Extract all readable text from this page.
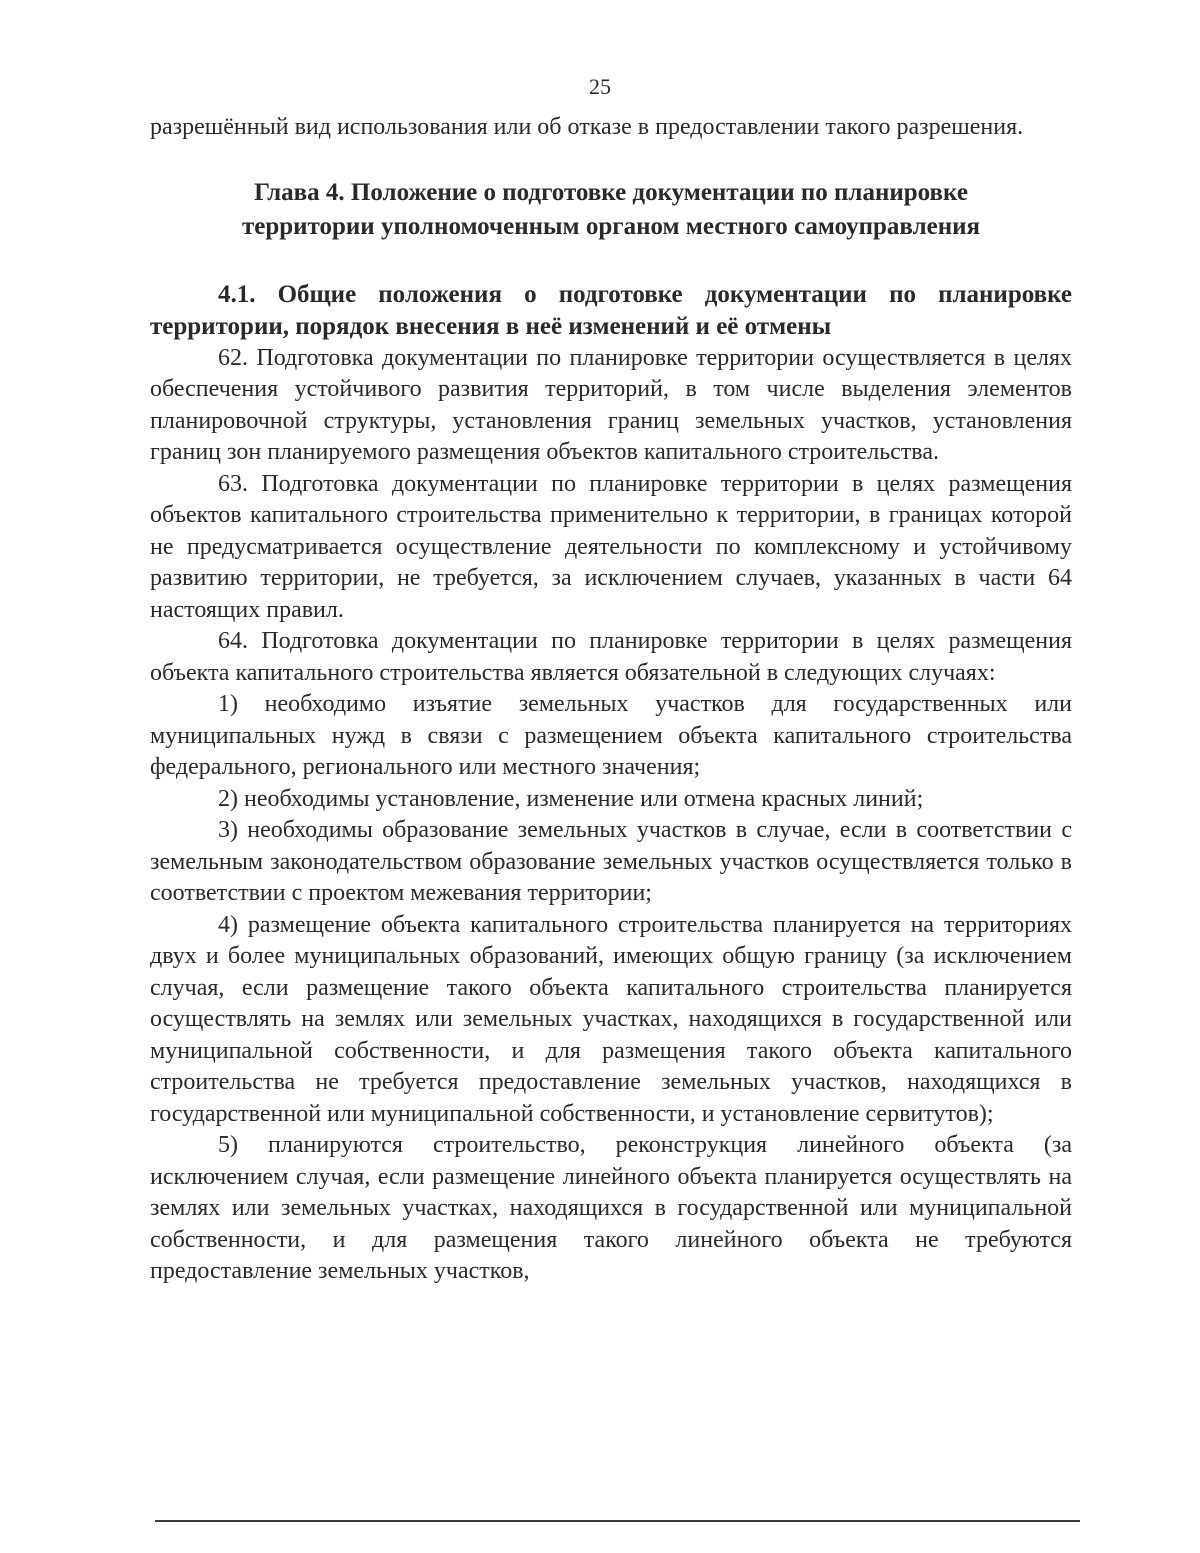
25

разрешённый вид использования или об отказе в предоставлении такого разрешения.

Глава 4. Положение о подготовке документации по планировке территории уполномоченным органом местного самоуправления
4.1. Общие положения о подготовке документации по планировке территории, порядок внесения в неё изменений и её отмены

62. Подготовка документации по планировке территории осуществляется в целях обеспечения устойчивого развития территорий, в том числе выделения элементов планировочной структуры, установления границ земельных участков, установления границ зон планируемого размещения объектов капитального строительства.

63. Подготовка документации по планировке территории в целях размещения объектов капитального строительства применительно к территории, в границах которой не предусматривается осуществление деятельности по комплексному и устойчивому развитию территории, не требуется, за исключением случаев, указанных в части 64 настоящих правил.

64. Подготовка документации по планировке территории в целях размещения объекта капитального строительства является обязательной в следующих случаях:

1) необходимо изъятие земельных участков для государственных или муниципальных нужд в связи с размещением объекта капитального строительства федерального, регионального или местного значения;

2) необходимы установление, изменение или отмена красных линий;

3) необходимы образование земельных участков в случае, если в соответствии с земельным законодательством образование земельных участков осуществляется только в соответствии с проектом межевания территории;

4) размещение объекта капитального строительства планируется на территориях двух и более муниципальных образований, имеющих общую границу (за исключением случая, если размещение такого объекта капитального строительства планируется осуществлять на землях или земельных участках, находящихся в государственной или муниципальной собственности, и для размещения такого объекта капитального строительства не требуется предоставление земельных участков, находящихся в государственной или муниципальной собственности, и установление сервитутов);

5) планируются строительство, реконструкция линейного объекта (за исключением случая, если размещение линейного объекта планируется осуществлять на землях или земельных участках, находящихся в государственной или муниципальной собственности, и для размещения такого линейного объекта не требуются предоставление земельных участков,
